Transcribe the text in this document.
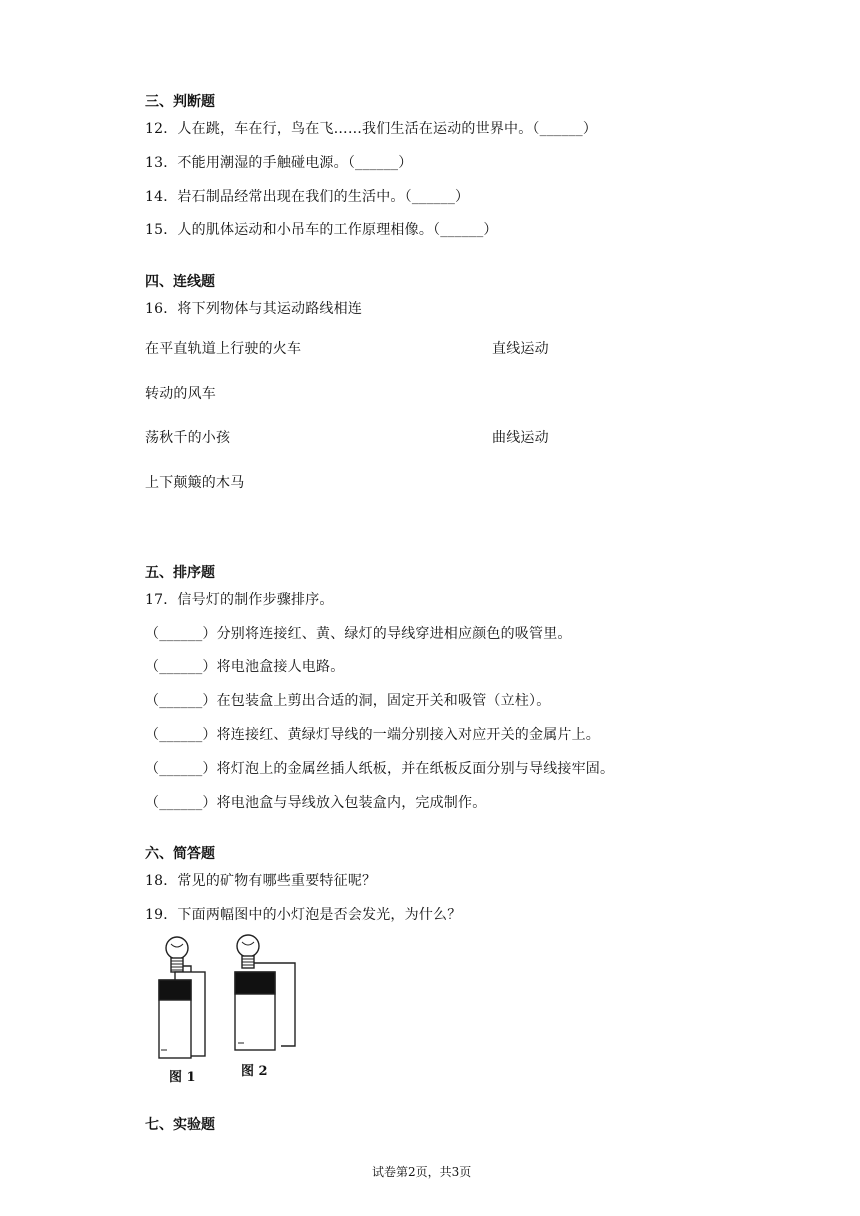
三、判断题
12．人在跳，车在行，鸟在飞……我们生活在运动的世界中。（______）
13．不能用潮湿的手触碰电源。（______）
14．岩石制品经常出现在我们的生活中。（______）
15．人的肌体运动和小吊车的工作原理相像。（______）
四、连线题
16．将下列物体与其运动路线相连
在平直轨道上行驶的火车	直线运动
转动的风车
荡秋千的小孩	曲线运动
上下颠簸的木马
五、排序题
17．信号灯的制作步骤排序。
（______）分别将连接红、黄、绿灯的导线穿进相应颜色的吸管里。
（______）将电池盒接人电路。
（______）在包装盒上剪出合适的洞，固定开关和吸管（立柱）。
（______）将连接红、黄绿灯导线的一端分别接入对应开关的金属片上。
（______）将灯泡上的金属丝插人纸板，并在纸板反面分别与导线接牢固。
（______）将电池盒与导线放入包装盒内，完成制作。
六、简答题
18．常见的矿物有哪些重要特征呢？
19．下面两幅图中的小灯泡是否会发光，为什么？
图 1	图 2
七、实验题
试卷第2页，共3页
